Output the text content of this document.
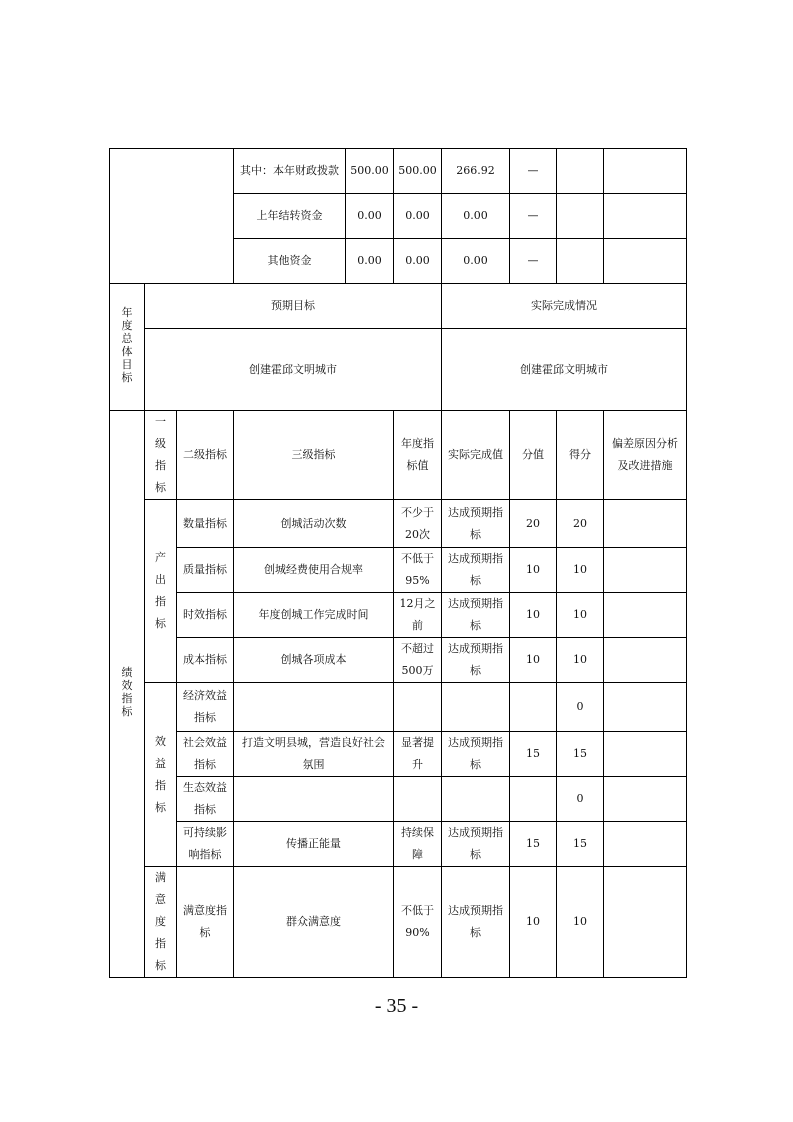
			其中：本年财政拨款	500.00	500.00	266.92	—		
			上年结转资金	0.00	0.00	0.00	—		
			其他资金	0.00	0.00	0.00	—		
年度总体目标	预期目标					实际完成情况			
	创建霍邱文明城市					创建霍邱文明城市			
绩效指标	一级指标	二级指标	三级指标		年度指标值	实际完成值	分值	得分	偏差原因分析及改进措施
	产出指标	数量指标	创城活动次数		不少于20次	达成预期指标	20	20	
		质量指标	创城经费使用合规率		不低于95%	达成预期指标	10	10	
		时效指标	年度创城工作完成时间		12月之前	达成预期指标	10	10	
		成本指标	创城各项成本		不超过500万	达成预期指标	10	10	
	效益指标	经济效益指标						0	
		社会效益指标	打造文明县城，营造良好社会氛围		显著提升	达成预期指标	15	15	
		生态效益指标						0	
		可持续影响指标	传播正能量		持续保障	达成预期指标	15	15	
	满意度指标	满意度指标	群众满意度		不低于90%	达成预期指标	10	10	
- 35 -
